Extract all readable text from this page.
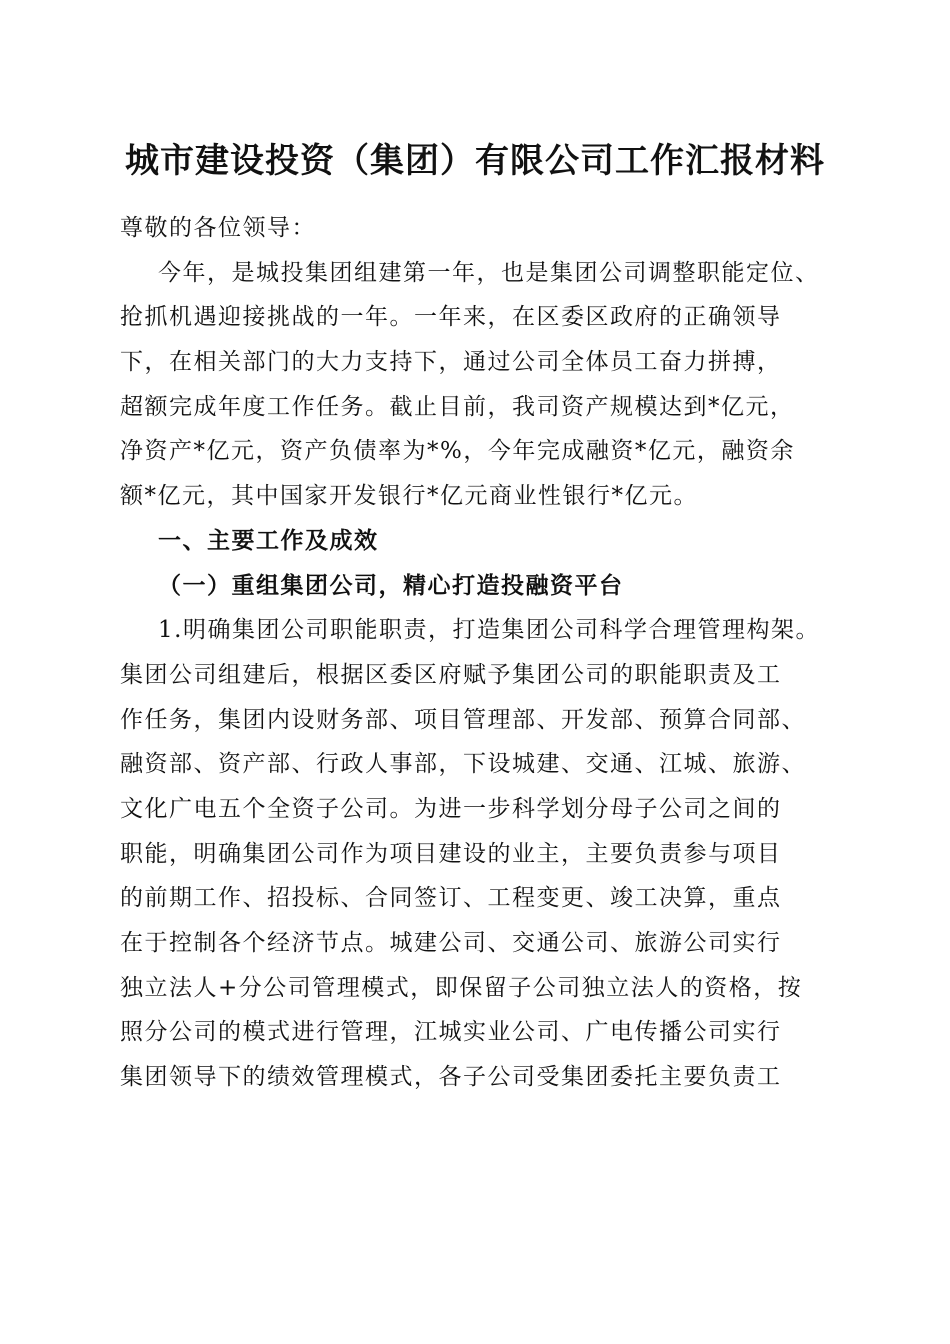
城市建设投资（集团）有限公司工作汇报材料
尊敬的各位领导：
今年，是城投集团组建第一年，也是集团公司调整职能定位、
抢抓机遇迎接挑战的一年。一年来，在区委区政府的正确领导
下，在相关部门的大力支持下，通过公司全体员工奋力拼搏，
超额完成年度工作任务。截止目前，我司资产规模达到*亿元，
净资产*亿元，资产负债率为*%，今年完成融资*亿元，融资余
额*亿元，其中国家开发银行*亿元商业性银行*亿元。
一、主要工作及成效
（一）重组集团公司，精心打造投融资平台
1.明确集团公司职能职责，打造集团公司科学合理管理构架。
集团公司组建后，根据区委区府赋予集团公司的职能职责及工
作任务，集团内设财务部、项目管理部、开发部、预算合同部、
融资部、资产部、行政人事部，下设城建、交通、江城、旅游、
文化广电五个全资子公司。为进一步科学划分母子公司之间的
职能，明确集团公司作为项目建设的业主，主要负责参与项目
的前期工作、招投标、合同签订、工程变更、竣工决算，重点
在于控制各个经济节点。城建公司、交通公司、旅游公司实行
独立法人+分公司管理模式，即保留子公司独立法人的资格，按
照分公司的模式进行管理，江城实业公司、广电传播公司实行
集团领导下的绩效管理模式，各子公司受集团委托主要负责工
